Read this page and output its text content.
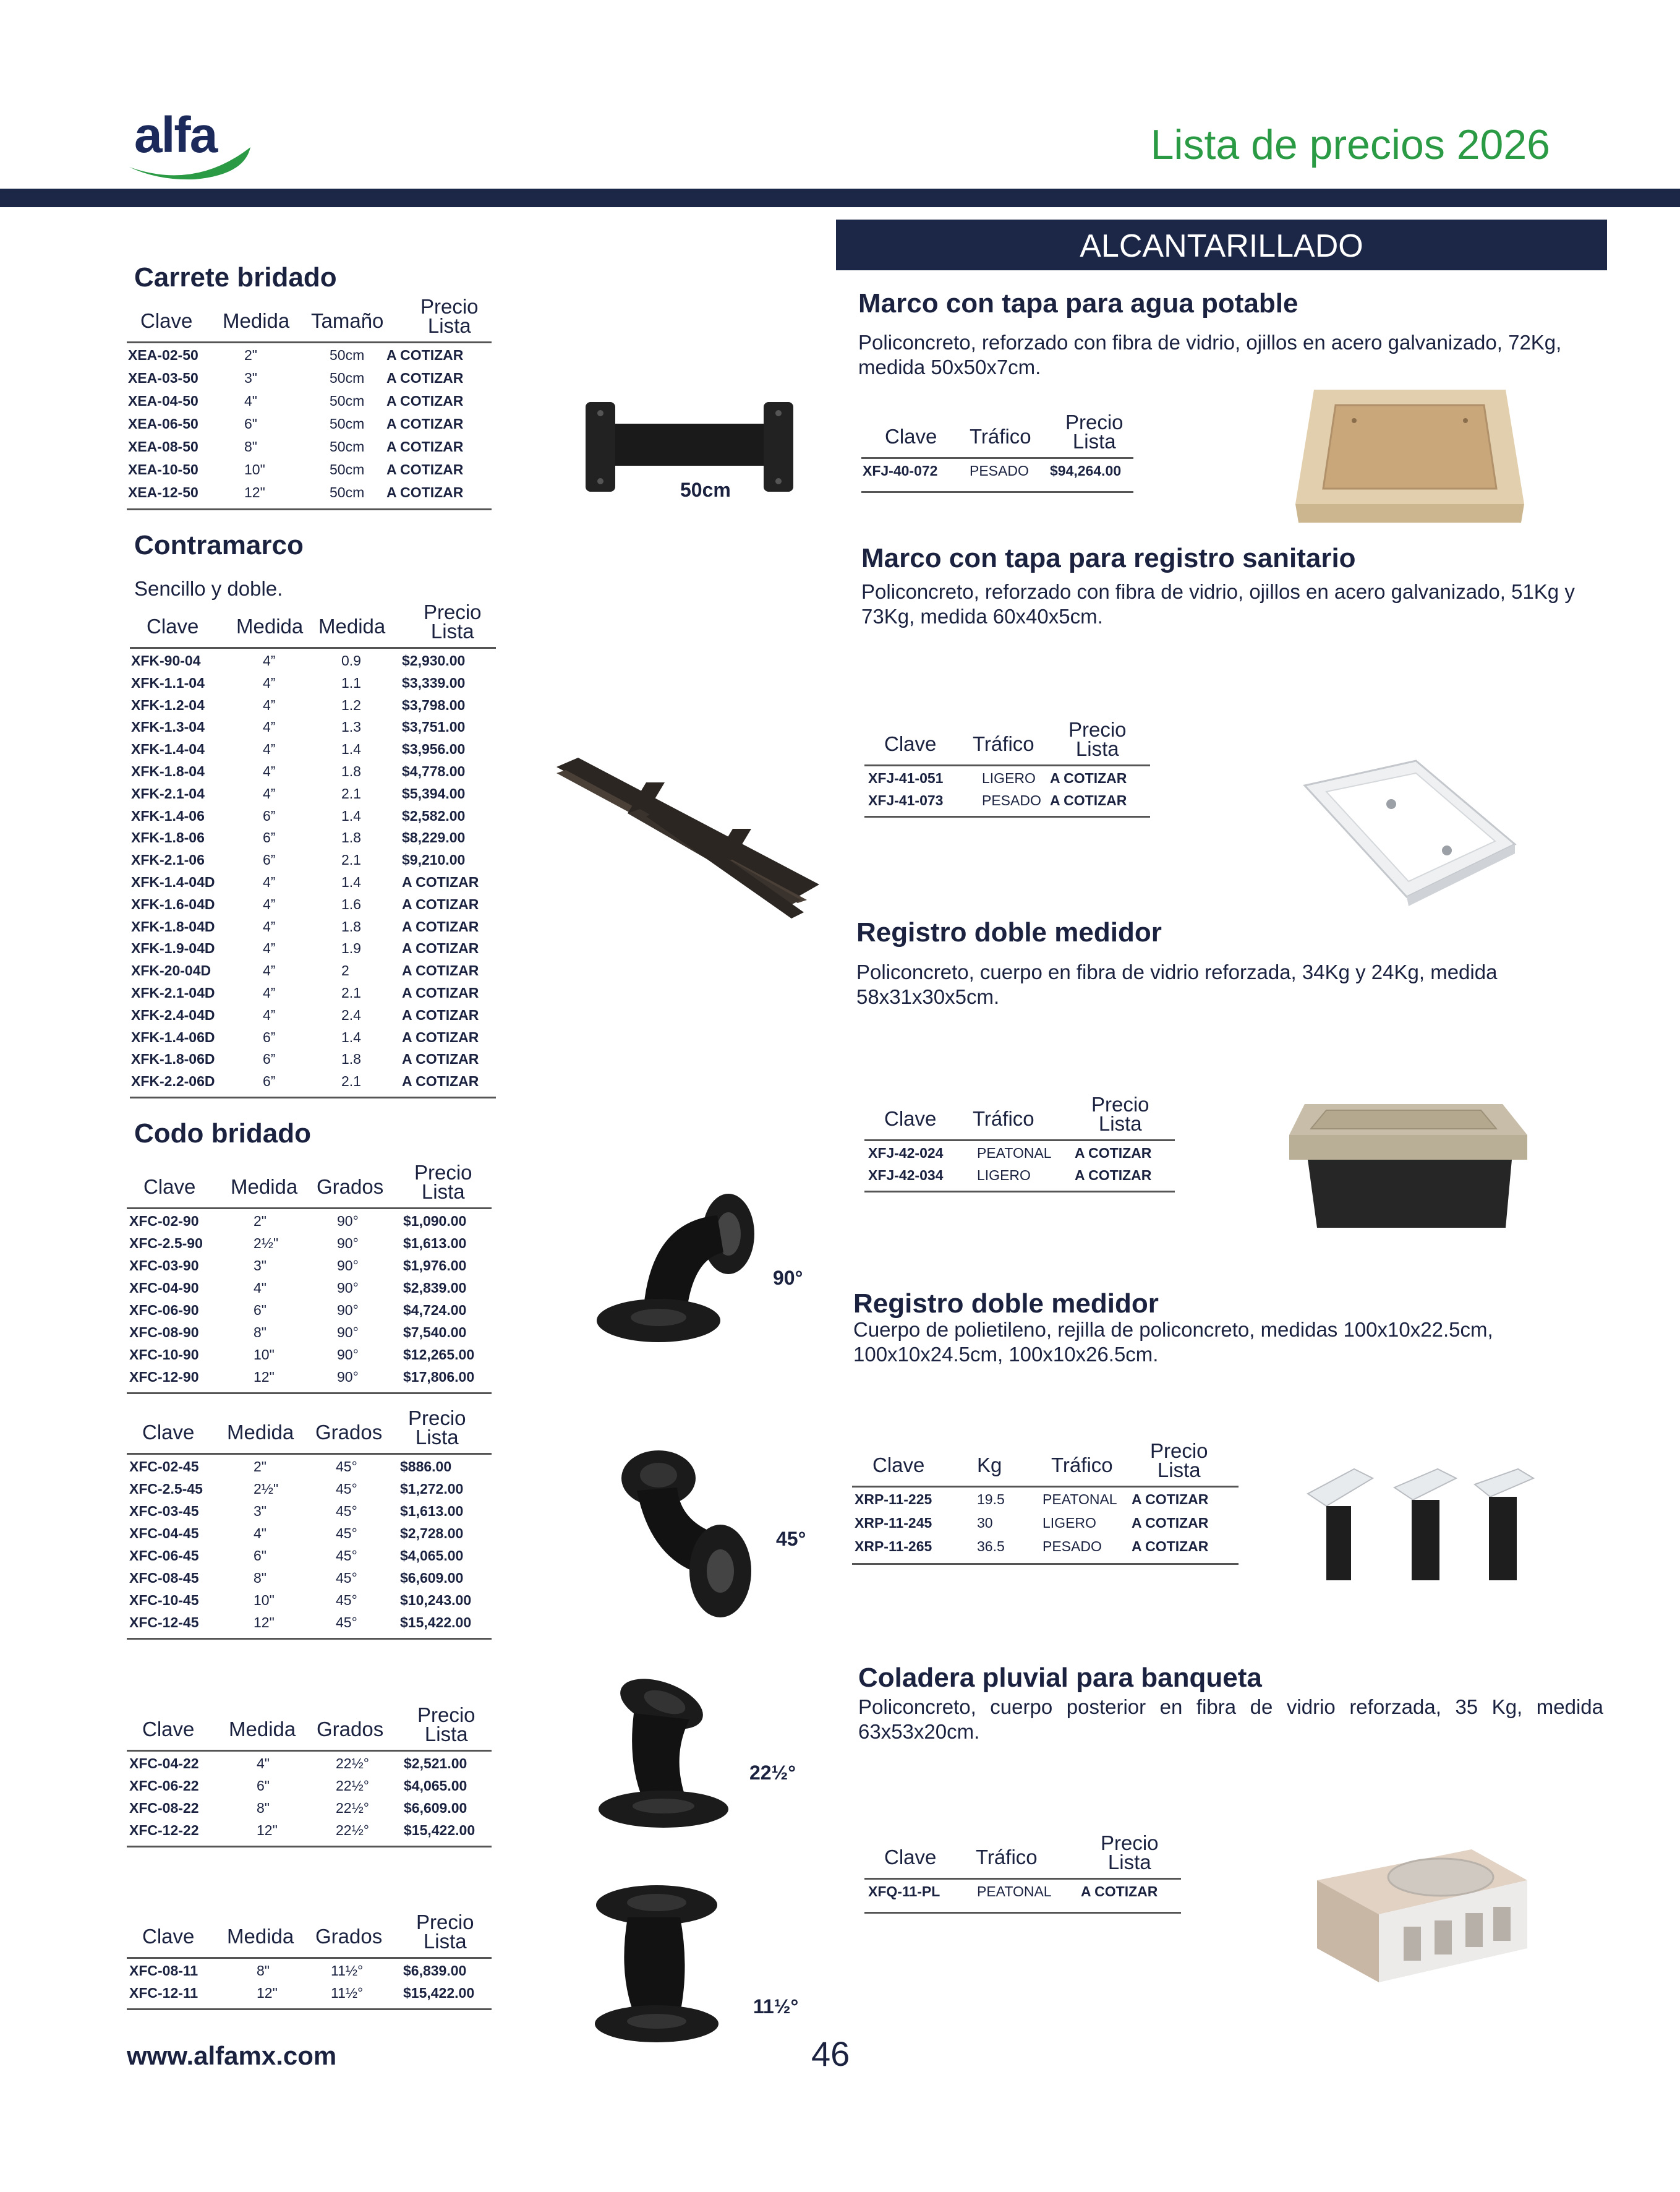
alfa	Lista de precios 2026
ALCANTARILLADO
Carrete bridado
Clave Medida Tamaño
Precio
Lista
XEA-02-50	2"	50cm A COTIZAR
XEA-03-50	3"	50cm A COTIZAR
XEA-04-50	4"	50cm A COTIZAR
XEA-06-50	6"	50cm A COTIZAR
XEA-08-50	8"	50cm A COTIZAR
XEA-10-50	10"	50cm A COTIZAR
XEA-12-50	12"	50cm A COTIZAR	50cm
Contramarco
Sencillo y doble.
Clave Medida Medida
Precio
Lista
XFK-90-04	4”	0.9	$2,930.00
XFK-1.1-04	4”	1.1	$3,339.00
XFK-1.2-04	4”	1.2	$3,798.00
XFK-1.3-04	4”	1.3	$3,751.00
XFK-1.4-04	4”	1.4	$3,956.00
XFK-1.8-04	4”	1.8	$4,778.00
XFK-2.1-04	4”	2.1	$5,394.00
XFK-1.4-06	6”	1.4	$2,582.00
XFK-1.8-06	6”	1.8	$8,229.00
XFK-2.1-06	6”	2.1	$9,210.00
XFK-1.4-04D	4”	1.4	A COTIZAR
XFK-1.6-04D	4”	1.6	A COTIZAR
XFK-1.8-04D	4”	1.8	A COTIZAR
XFK-1.9-04D	4”	1.9	A COTIZAR
XFK-20-04D	4”	2	A COTIZAR
XFK-2.1-04D	4”	2.1	A COTIZAR
XFK-2.4-04D	4”	2.4	A COTIZAR
XFK-1.4-06D	6”	1.4	A COTIZAR
XFK-1.8-06D	6”	1.8	A COTIZAR
XFK-2.2-06D	6”	2.1	A COTIZAR
Codo bridado
Clave Medida Grados
Precio
Lista
XFC-02-90	2"	90°	$1,090.00
XFC-2.5-90	2½"	90°	$1,613.00
XFC-03-90	3"	90°	$1,976.00
XFC-04-90	4"	90°	$2,839.00
XFC-06-90	6"	90°	$4,724.00
XFC-08-90	8"	90°	$7,540.00
XFC-10-90	10"	90°	$12,265.00
XFC-12-90	12"	90°	$17,806.00
Clave Medida Grados
Precio
Lista
XFC-02-45	2"	45°	$886.00
XFC-2.5-45	2½"	45°	$1,272.00
XFC-03-45	3"	45°	$1,613.00
XFC-04-45	4"	45°	$2,728.00
XFC-06-45	6"	45°	$4,065.00
XFC-08-45	8"	45°	$6,609.00
XFC-10-45	10"	45°	$10,243.00
XFC-12-45	12"	45°	$15,422.00
Clave Medida Grados
Precio
Lista
XFC-04-22	4"	22½° $2,521.00
XFC-06-22	6"	22½° $4,065.00
XFC-08-22	8"	22½° $6,609.00
XFC-12-22	12"	22½° $15,422.00
Clave Medida Grados
Precio
Lista
XFC-08-11	8"	11½°	$6,839.00
XFC-12-11	12"	11½°	$15,422.00
90°
45°
22½°
11½°
Marco con tapa para agua potable
Policoncreto, reforzado con fibra de vidrio, ojillos en acero galvanizado, 72Kg, medida 50x50x7cm.
Clave Tráfico
Precio
Lista
XFJ-40-072 PESADO $94,264.00
Marco con tapa para registro sanitario
Policoncreto, reforzado con fibra de vidrio, ojillos en acero galvanizado, 51Kg y 73Kg, medida 60x40x5cm.
Clave Tráfico
Precio
Lista
XFJ-41-051	LIGERO A COTIZAR
XFJ-41-073	PESADO A COTIZAR
Registro doble medidor
Policoncreto, cuerpo en fibra de vidrio reforzada, 34Kg y 24Kg, medida 58x31x30x5cm.
Clave Tráfico
Precio
Lista
XFJ-42-024 PEATONAL A COTIZAR
XFJ-42-034 LIGERO	A COTIZAR
Registro doble medidor
Cuerpo de polietileno, rejilla de policoncreto, medidas 100x10x22.5cm, 100x10x24.5cm, 100x10x26.5cm.
Clave	Kg Tráfico
Precio
Lista
XRP-11-225	19.5	PEATONAL A COTIZAR
XRP-11-245	30	LIGERO A COTIZAR
XRP-11-265	36.5	PESADO A COTIZAR
Coladera pluvial para banqueta
Policoncreto, cuerpo posterior en fibra de vidrio reforzada, 35 Kg, medida 63x53x20cm.
Clave Tráfico
Precio
Lista
XFQ-11-PL	PEATONAL A COTIZAR
www.alfamx.com	46
